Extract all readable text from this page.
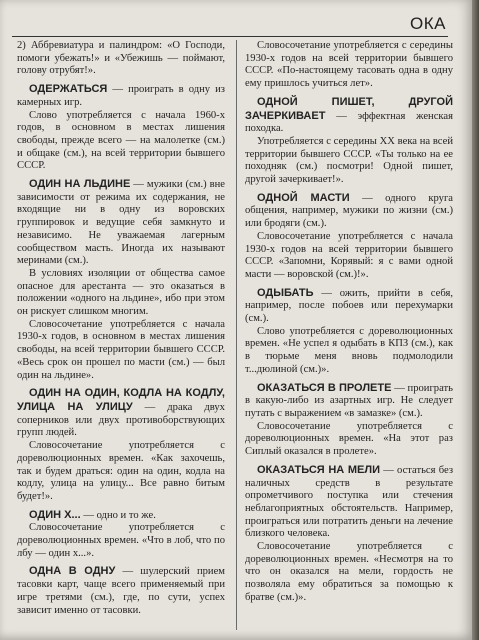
ОКА

2) Аббревиатура и палиндром: «О Господи, помоги убежать!» и «Убежишь — поймают, голову отрубят!».

ОДЕРЖАТЬСЯ — проиграть в одну из камерных игр.

Слово употребляется с начала 1960-х годов, в основном в местах лишения свободы, прежде всего — на малолетке (см.) и общаке (см.), на всей территории бывшего СССР.

ОДИН НА ЛЬДИНЕ — мужики (см.) вне зависимости от режима их содержания, не входящие ни в одну из воровских группировок и ведущие себя замкнуто и независимо. Не уважаемая лагерным сообществом масть. Иногда их называют меринами (см.).

В условиях изоляции от общества самое опасное для арестанта — это оказаться в положении «одного на льдине», ибо при этом он рискует слишком многим.

Словосочетание употребляется с начала 1930-х годов, в основном в местах лишения свободы, на всей территории бывшего СССР. «Весь срок он прошел по масти (см.) — был один на льдине».

ОДИН НА ОДИН, КОДЛА НА КОДЛУ, УЛИЦА НА УЛИЦУ — драка двух соперников или двух противоборствующих групп людей.

Словосочетание употребляется с дореволюционных времен. «Как захочешь, так и будем драться: один на один, кодла на кодлу, улица на улицу... Все равно битым будет!».

ОДИН Х... — одно и то же.

Словосочетание употребляется с дореволюционных времен. «Что в лоб, что по лбу — один х...».

ОДНА В ОДНУ — шулерский прием тасовки карт, чаще всего применяемый при игре третями (см.), где, по сути, успех зависит именно от тасовки.

Словосочетание употребляется с середины 1930-х годов на всей территории бывшего СССР. «По-настоящему тасовать одна в одну ему пришлось учиться лет».

ОДНОЙ ПИШЕТ, ДРУГОЙ ЗАЧЕРКИВАЕТ — эффектная женская походка.

Употребляется с середины XX века на всей территории бывшего СССР. «Ты только на ее походняк (см.) посмотри! Одной пишет, другой зачеркивает!».

ОДНОЙ МАСТИ — одного круга общения, например, мужики по жизни (см.) или бродяги (см.).

Словосочетание употребляется с начала 1930-х годов на всей территории бывшего СССР. «Запомни, Корявый: я с вами одной масти — воровской (см.)!».

ОДЫБАТЬ — ожить, прийти в себя, например, после побоев или перехумарки (см.).

Слово употребляется с дореволюционных времен. «Не успел я одыбать в КПЗ (см.), как в тюрьме меня вновь подмолодили т...дюлиной (см.)».

ОКАЗАТЬСЯ В ПРОЛЕТЕ — проиграть в какую-либо из азартных игр. Не следует путать с выражением «в замазке» (см.).

Словосочетание употребляется с дореволюционных времен. «На этот раз Сиплый оказался в пролете».

ОКАЗАТЬСЯ НА МЕЛИ — остаться без наличных средств в результате опрометчивого поступка или стечения неблагоприятных обстоятельств. Например, проиграться или потратить деньги на лечение близкого человека.

Словосочетание употребляется с дореволюционных времен. «Несмотря на то что он оказался на мели, гордость не позволяла ему обратиться за помощью к братве (см.)».
